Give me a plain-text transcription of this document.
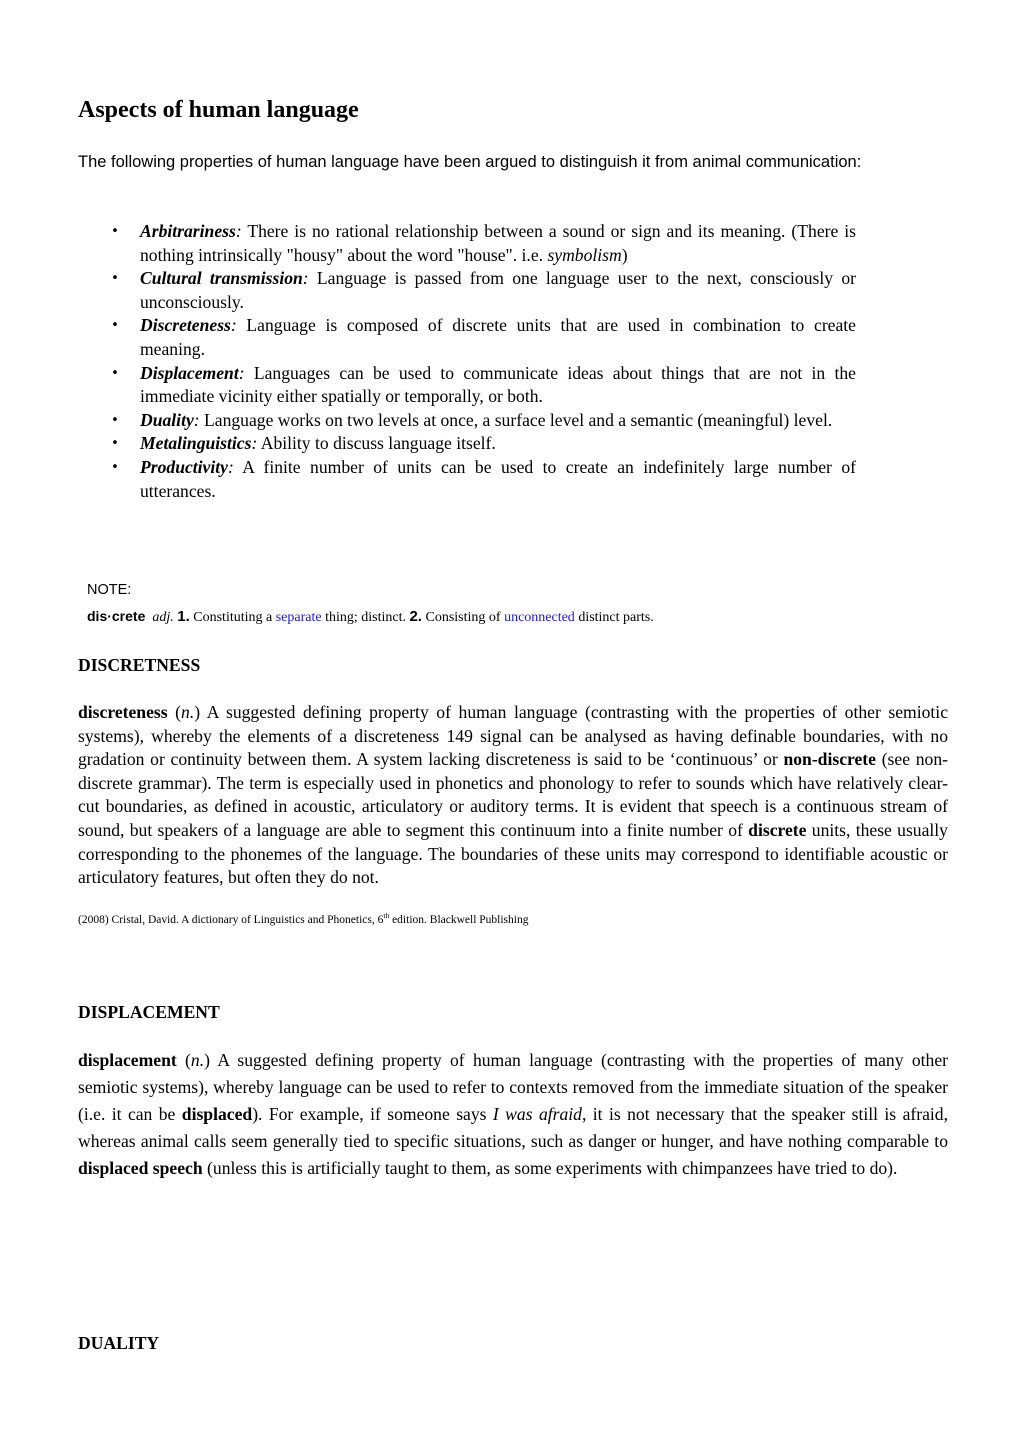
Aspects of human language

The following properties of human language have been argued to distinguish it from animal communication:

• Arbitrariness: There is no rational relationship between a sound or sign and its meaning. (There is nothing intrinsically "housy" about the word "house". i.e. symbolism)
• Cultural transmission: Language is passed from one language user to the next, consciously or unconsciously.
• Discreteness: Language is composed of discrete units that are used in combination to create meaning.
• Displacement: Languages can be used to communicate ideas about things that are not in the immediate vicinity either spatially or temporally, or both.
• Duality: Language works on two levels at once, a surface level and a semantic (meaningful) level.
• Metalinguistics: Ability to discuss language itself.
• Productivity: A finite number of units can be used to create an indefinitely large number of utterances.
NOTE:
dis·crete adj. 1. Constituting a separate thing; distinct. 2. Consisting of unconnected distinct parts.
DISCRETNESS

discreteness (n.) A suggested defining property of human language (contrasting with the properties of other semiotic systems), whereby the elements of a discreteness 149 signal can be analysed as having definable boundaries, with no gradation or continuity between them. A system lacking discreteness is said to be ‘continuous’ or non-discrete (see non-discrete grammar). The term is especially used in phonetics and phonology to refer to sounds which have relatively clear-cut boundaries, as defined in acoustic, articulatory or auditory terms. It is evident that speech is a continuous stream of sound, but speakers of a language are able to segment this continuum into a finite number of discrete units, these usually corresponding to the phonemes of the language. The boundaries of these units may correspond to identifiable acoustic or articulatory features, but often they do not.

(2008) Cristal, David. A dictionary of Linguistics and Phonetics, 6th edition. Blackwell Publishing
DISPLACEMENT

displacement (n.) A suggested defining property of human language (contrasting with the properties of many other semiotic systems), whereby language can be used to refer to contexts removed from the immediate situation of the speaker (i.e. it can be displaced). For example, if someone says I was afraid, it is not necessary that the speaker still is afraid, whereas animal calls seem generally tied to specific situations, such as danger or hunger, and have nothing comparable to displaced speech (unless this is artificially taught to them, as some experiments with chimpanzees have tried to do).

DUALITY
